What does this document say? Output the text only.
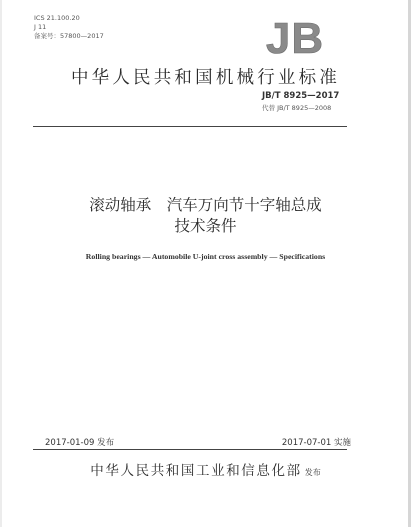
ICS 21.100.20
J 11
备案号：57800—2017	JB
中华人民共和国机械行业标准
JB/T 8925—2017
代替 JB/T 8925—2008
滚动轴承　汽车万向节十字轴总成
技术条件
Rolling bearings — Automobile U-joint cross assembly — Specifications
2017-01-09 发布	2017-07-01 实施
中华人民共和国工业和信息化部 发布
